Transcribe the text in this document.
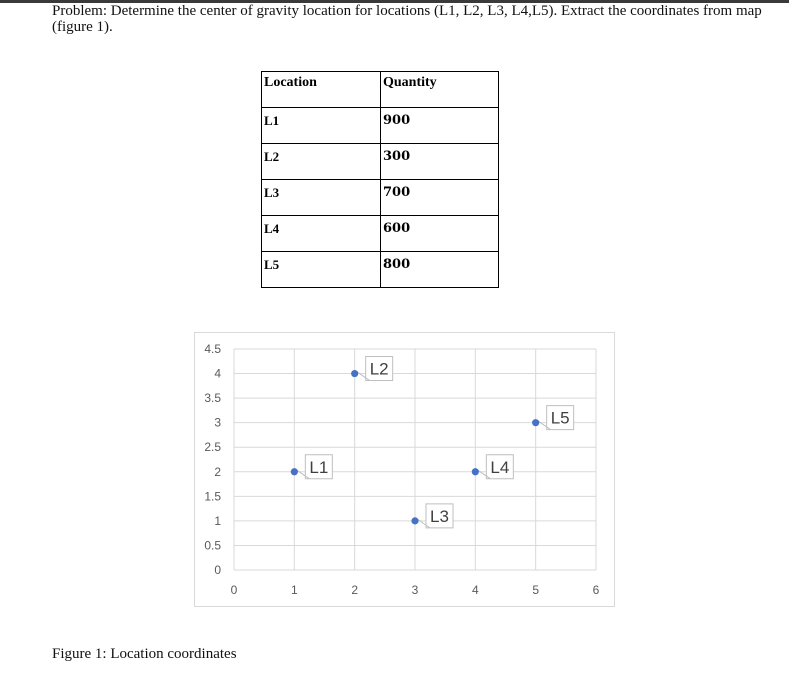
Problem: Determine the center of gravity location for locations (L1, L2, L3, L4,L5). Extract the coordinates from map (figure 1).
Location	Quantity
L1	900
L2	300
L3	700
L4	600
L5	800
0	1	2	3	4	5	6
0
0.5
1
1.5
2
2.5
3
3.5
4
4.5
L1
L2
L3
L4
L5
Figure 1: Location coordinates
